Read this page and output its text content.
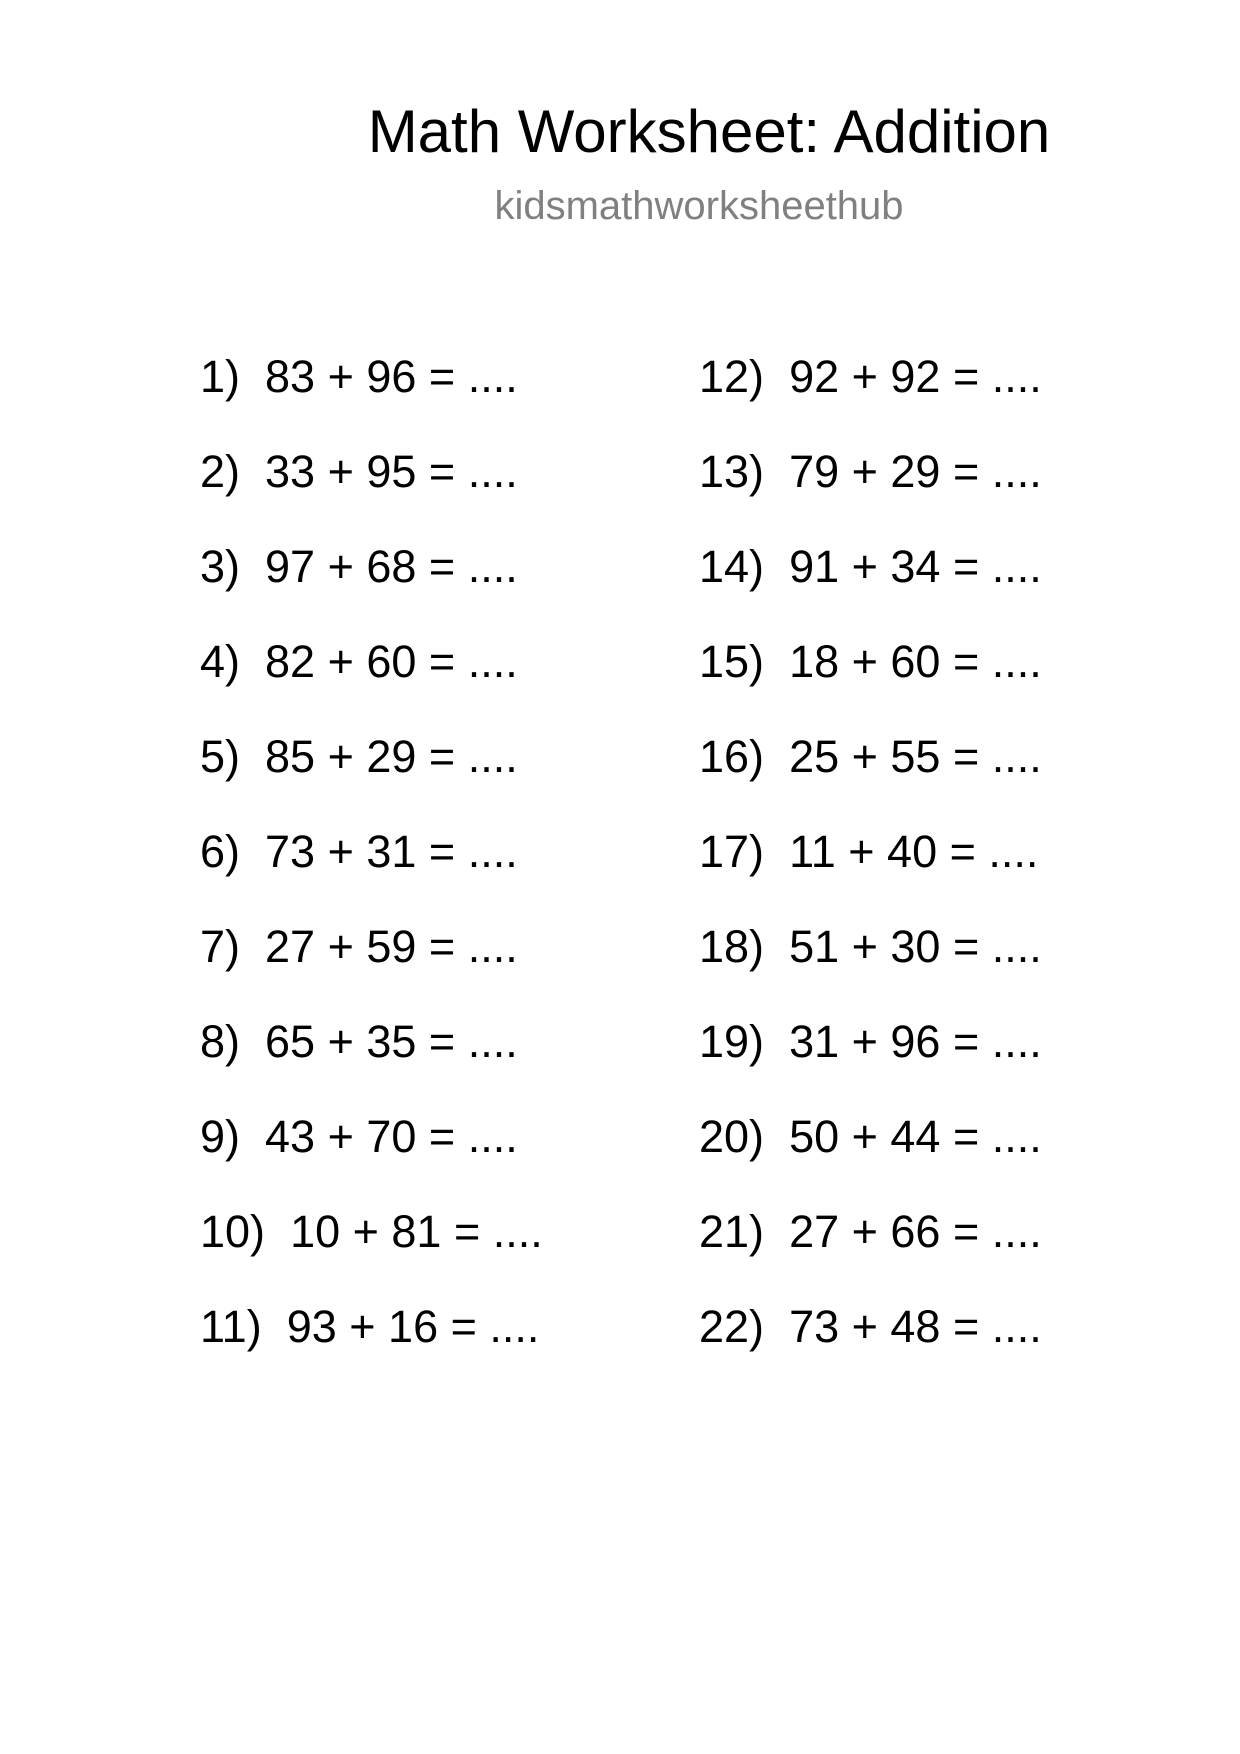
Math Worksheet: Addition
kidsmathworksheethub
1)
83 + 96 = ....
2)
33 + 95 = ....
3)
97 + 68 = ....
4)
82 + 60 = ....
5)
85 + 29 = ....
6)
73 + 31 = ....
7)
27 + 59 = ....
8)
65 + 35 = ....
9)
43 + 70 = ....
10)
10 + 81 = ....
11)
93 + 16 = ....
12)
92 + 92 = ....
13)
79 + 29 = ....
14)
91 + 34 = ....
15)
18 + 60 = ....
16)
25 + 55 = ....
17)
11 + 40 = ....
18)
51 + 30 = ....
19)
31 + 96 = ....
20)
50 + 44 = ....
21)
27 + 66 = ....
22)
73 + 48 = ....
